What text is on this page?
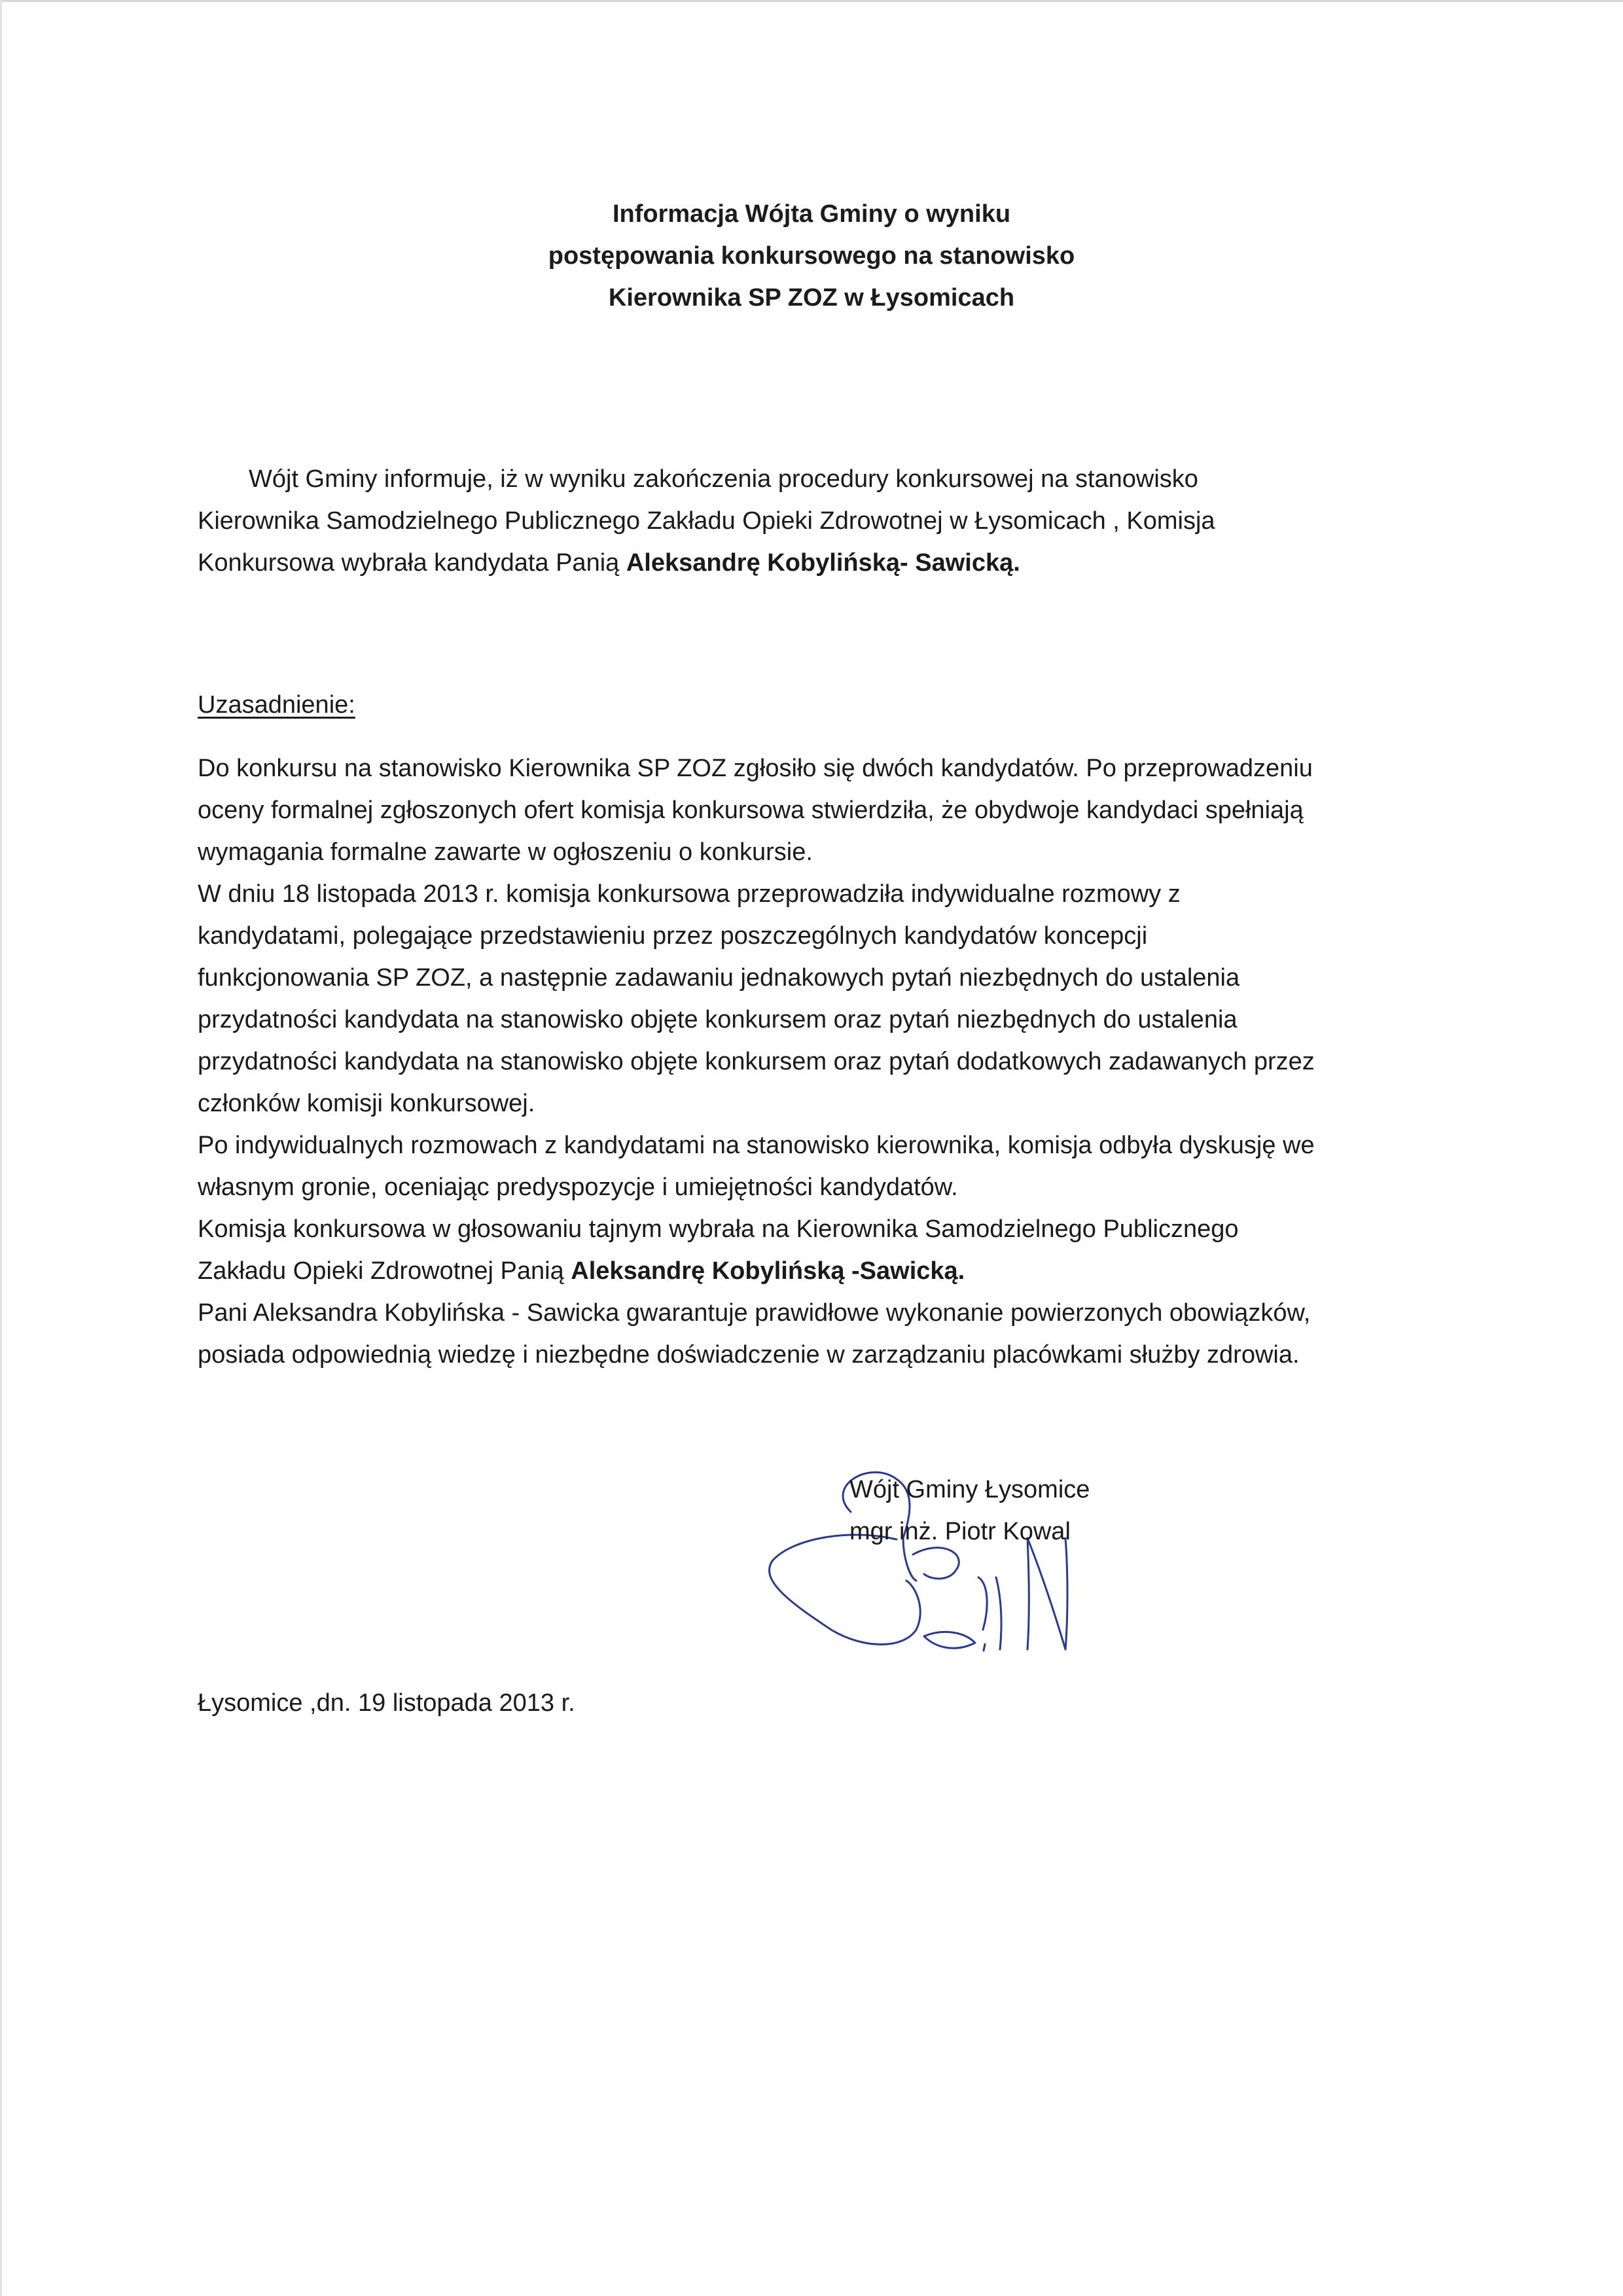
Informacja Wójta Gminy o wyniku
postępowania konkursowego na stanowisko
Kierownika SP ZOZ w Łysomicach
Wójt Gminy informuje, iż w wyniku zakończenia procedury konkursowej na stanowisko
Kierownika Samodzielnego Publicznego Zakładu Opieki Zdrowotnej w Łysomicach , Komisja
Konkursowa wybrała kandydata Panią Aleksandrę Kobylińską- Sawicką.
Uzasadnienie:
Do konkursu na stanowisko Kierownika SP ZOZ zgłosiło się dwóch kandydatów. Po przeprowadzeniu
oceny formalnej zgłoszonych ofert komisja konkursowa stwierdziła, że obydwoje kandydaci spełniają
wymagania formalne zawarte w ogłoszeniu o konkursie.
W dniu 18 listopada 2013 r. komisja konkursowa przeprowadziła indywidualne rozmowy z
kandydatami, polegające przedstawieniu przez poszczególnych kandydatów koncepcji
funkcjonowania SP ZOZ, a następnie zadawaniu jednakowych pytań niezbędnych do ustalenia
przydatności kandydata na stanowisko objęte konkursem oraz pytań niezbędnych do ustalenia
przydatności kandydata na stanowisko objęte konkursem oraz pytań dodatkowych zadawanych przez
członków komisji konkursowej.
Po indywidualnych rozmowach z kandydatami na stanowisko kierownika, komisja odbyła dyskusję we
własnym gronie, oceniając predyspozycje i umiejętności kandydatów.
Komisja konkursowa w głosowaniu tajnym wybrała na Kierownika Samodzielnego Publicznego
Zakładu Opieki Zdrowotnej Panią Aleksandrę Kobylińską -Sawicką.
Pani Aleksandra Kobylińska - Sawicka gwarantuje prawidłowe wykonanie powierzonych obowiązków,
posiada odpowiednią wiedzę i niezbędne doświadczenie w zarządzaniu placówkami służby zdrowia.
Wójt Gminy Łysomice
mgr inż. Piotr Kowal
Łysomice ,dn. 19 listopada 2013 r.
